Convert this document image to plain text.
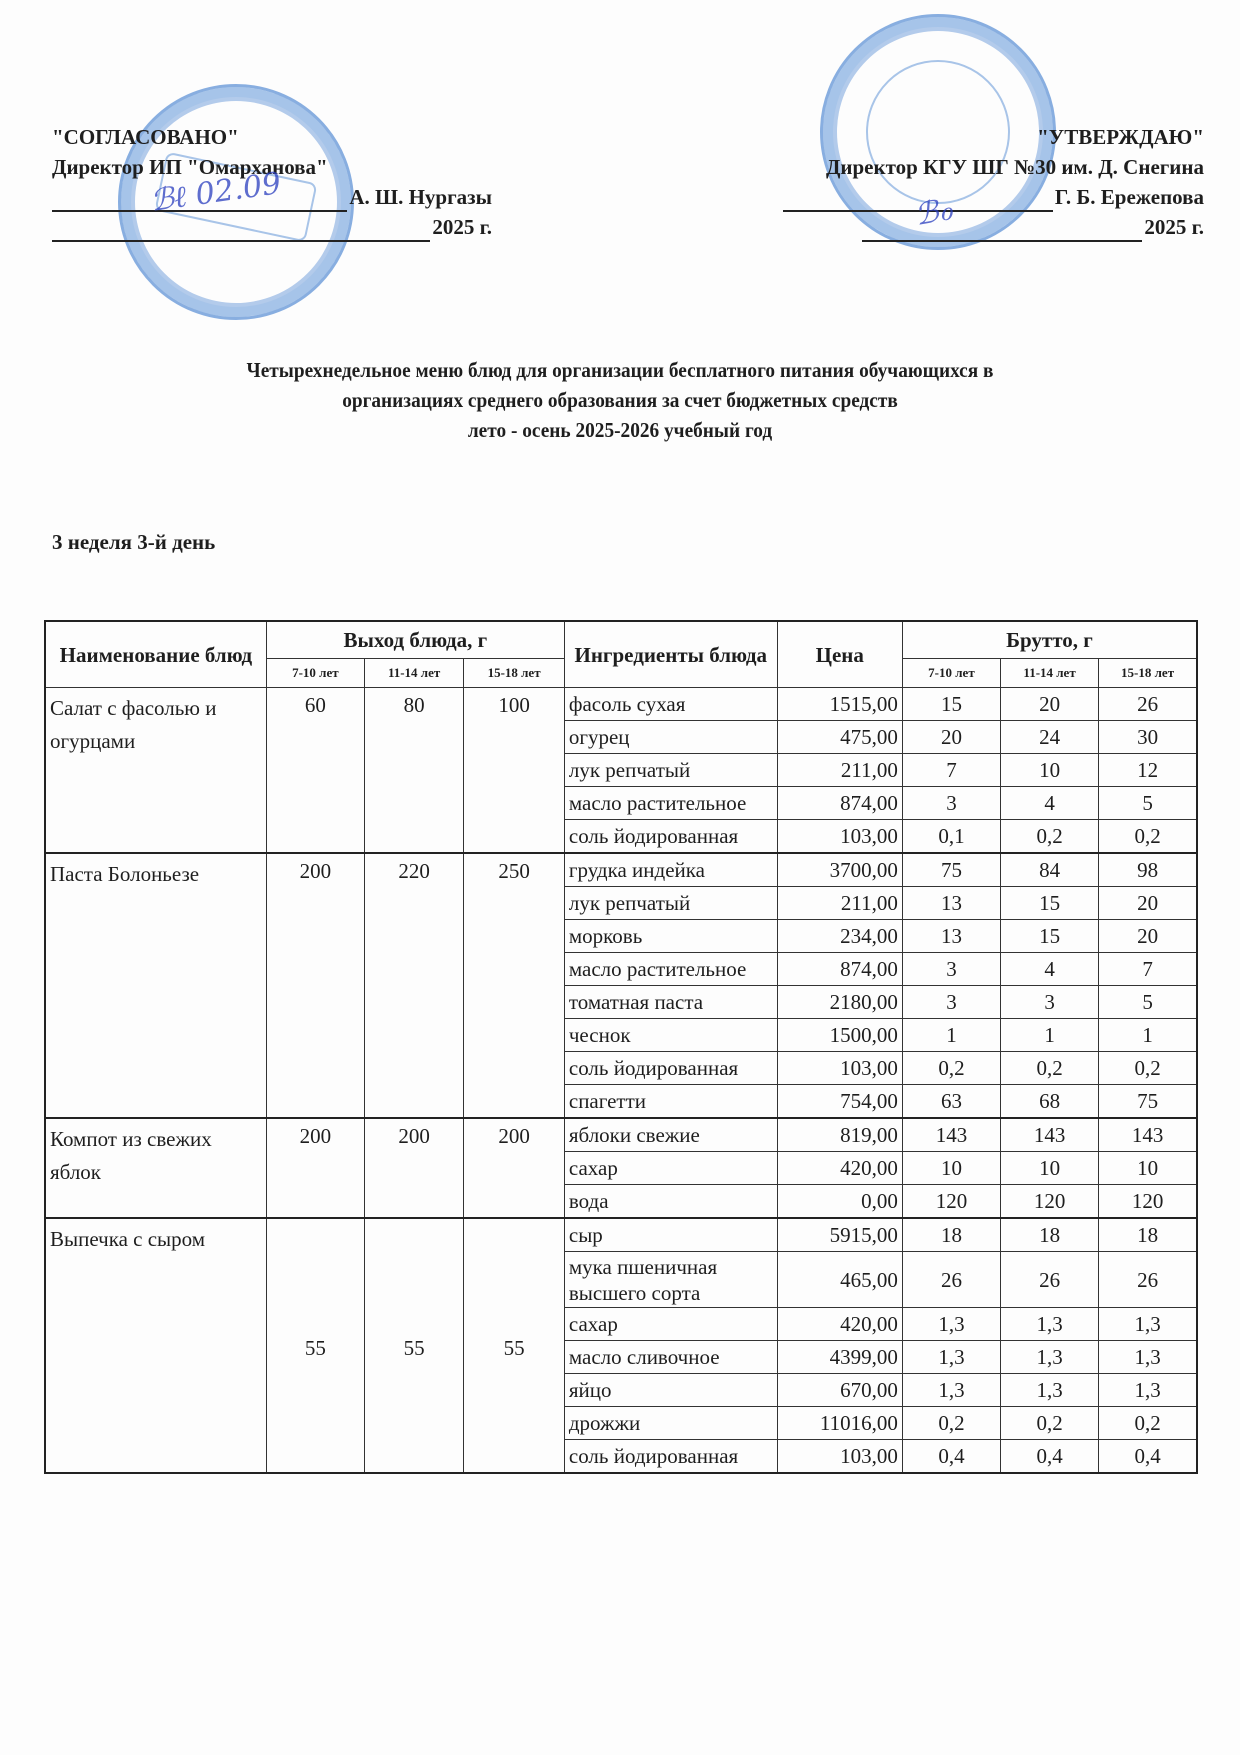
"СОГЛАСОВАНО"
Директор ИП "Омарханова"
А. Ш. Нургазы
2025 г.
"УТВЕРЖДАЮ"
Директор КГУ ШГ №30 им. Д. Снегина
Г. Б. Ережепова
2025 г.
ℬℓ 02.09	ℬℴ
Четырехнедельное меню блюд для организации бесплатного питания обучающихся в
организациях среднего образования за счет бюджетных средств
лето - осень 2025-2026 учебный год
3 неделя 3-й день
Наименование блюд	Выход блюда, г			Ингредиенты блюда	Цена	Брутто, г		
	7-10 лет	11-14 лет	15-18 лет			7-10 лет	11-14 лет	15-18 лет
Салат с фасолью и огурцами	60	80	100	фасоль сухая	1515,00	15	20	26
				огурец	475,00	20	24	30
				лук репчатый	211,00	7	10	12
				масло растительное	874,00	3	4	5
				соль йодированная	103,00	0,1	0,2	0,2
Паста Болоньезе	200	220	250	грудка индейка	3700,00	75	84	98
				лук репчатый	211,00	13	15	20
				морковь	234,00	13	15	20
				масло растительное	874,00	3	4	7
				томатная паста	2180,00	3	3	5
				чеснок	1500,00	1	1	1
				соль йодированная	103,00	0,2	0,2	0,2
				спагетти	754,00	63	68	75
Компот из свежих яблок	200	200	200	яблоки свежие	819,00	143	143	143
				сахар	420,00	10	10	10
				вода	0,00	120	120	120
Выпечка с сыром	55	55	55	сыр	5915,00	18	18	18
				мука пшеничная высшего сорта	465,00	26	26	26
				сахар	420,00	1,3	1,3	1,3
				масло сливочное	4399,00	1,3	1,3	1,3
				яйцо	670,00	1,3	1,3	1,3
				дрожжи	11016,00	0,2	0,2	0,2
				соль йодированная	103,00	0,4	0,4	0,4
